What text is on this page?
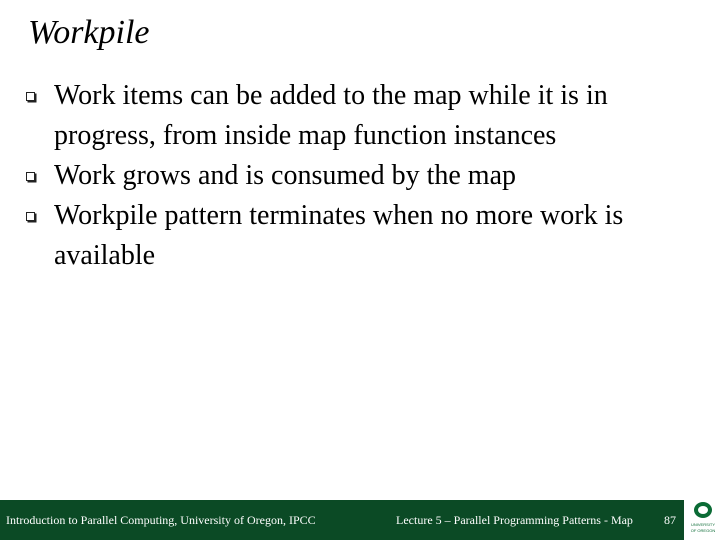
Workpile
Work items can be added to the map while it is in progress, from inside map function instances
Work grows and is consumed by the map
Workpile pattern terminates when no more work is available
Introduction to Parallel Computing, University of Oregon, IPCC	Lecture 5 – Parallel Programming Patterns - Map	87	UNIVERSITY
OF OREGON
